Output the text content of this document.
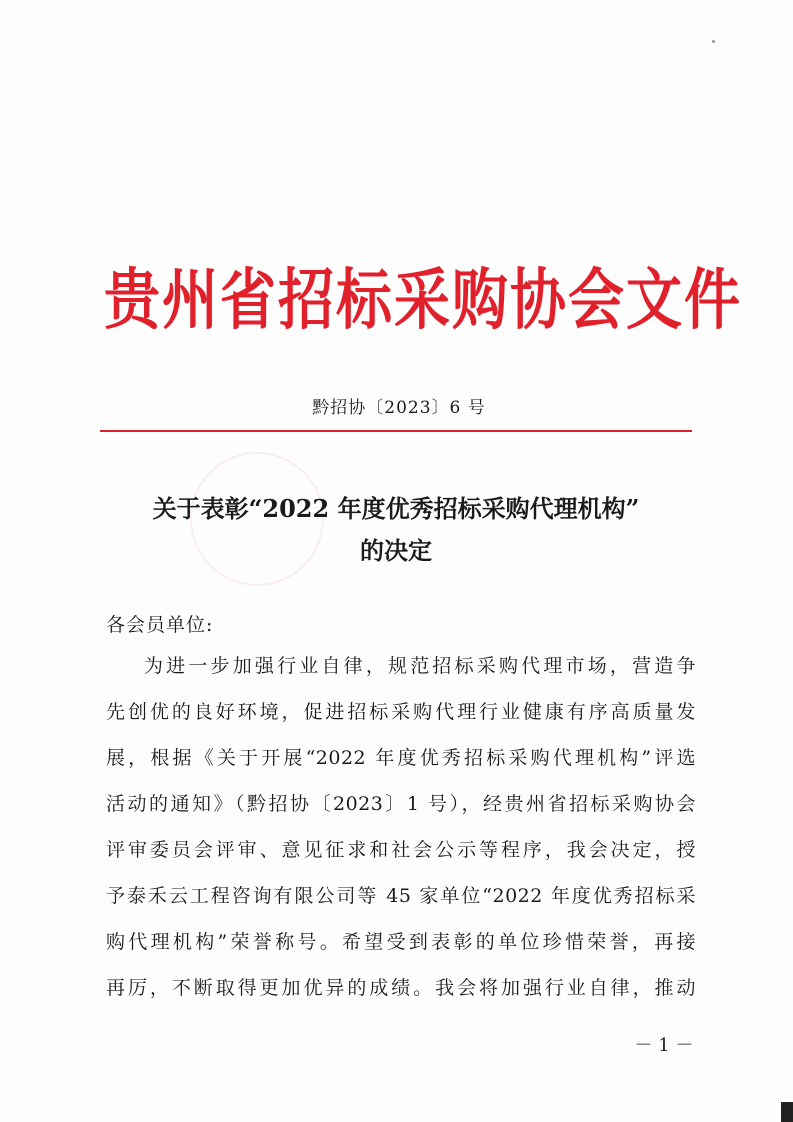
贵州省招标采购协会文件
黔招协〔2023〕6 号
关于表彰“2022 年度优秀招标采购代理机构”
的决定
各会员单位:
为进一步加强行业自律，规范招标采购代理市场，营造争
先创优的良好环境，促进招标采购代理行业健康有序高质量发
展，根据《关于开展“2022 年度优秀招标采购代理机构”评选
活动的通知》（黔招协〔2023〕1 号），经贵州省招标采购协会
评审委员会评审、意见征求和社会公示等程序，我会决定，授
予泰禾云工程咨询有限公司等 45 家单位“2022 年度优秀招标采
购代理机构”荣誉称号。希望受到表彰的单位珍惜荣誉，再接
再厉，不断取得更加优异的成绩。我会将加强行业自律，推动
－ 1 －
